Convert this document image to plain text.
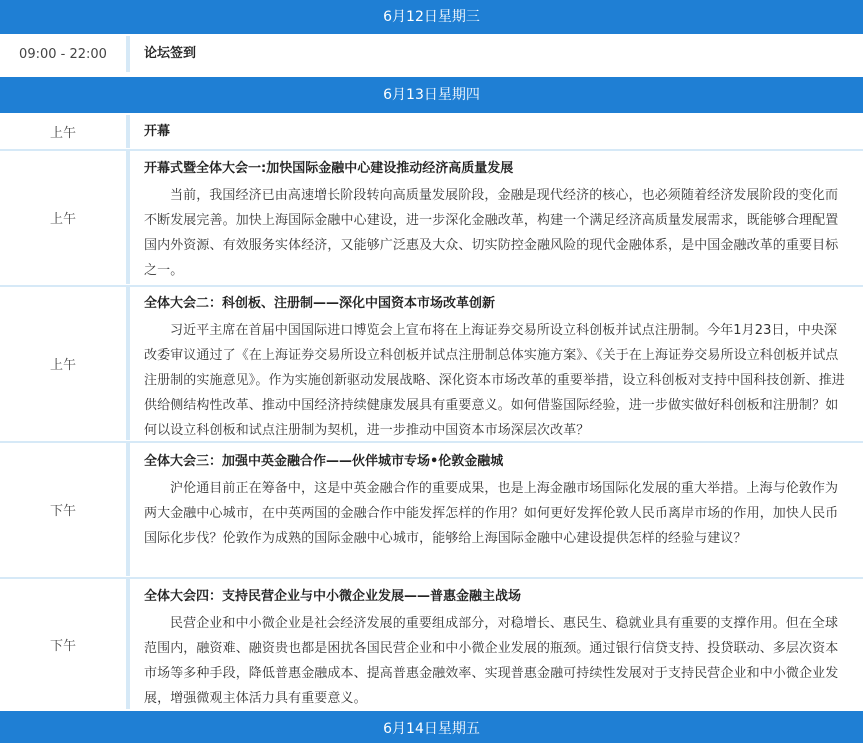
6月12日星期三
09:00 - 22:00	论坛签到
6月13日星期四
上午	开幕
上午
开幕式暨全体大会一:加快国际金融中心建设推动经济高质量发展

当前，我国经济已由高速增长阶段转向高质量发展阶段，金融是现代经济的核心，也必须随着经济发展阶段的变化而不断发展完善。加快上海国际金融中心建设，进一步深化金融改革，构建一个满足经济高质量发展需求，既能够合理配置国内外资源、有效服务实体经济，又能够广泛惠及大众、切实防控金融风险的现代金融体系，是中国金融改革的重要目标之一。

上午
全体大会二：科创板、注册制——深化中国资本市场改革创新

习近平主席在首届中国国际进口博览会上宣布将在上海证券交易所设立科创板并试点注册制。今年1月23日，中央深改委审议通过了《在上海证券交易所设立科创板并试点注册制总体实施方案》、《关于在上海证券交易所设立科创板并试点注册制的实施意见》。作为实施创新驱动发展战略、深化资本市场改革的重要举措，设立科创板对支持中国科技创新、推进供给侧结构性改革、推动中国经济持续健康发展具有重要意义。如何借鉴国际经验，进一步做实做好科创板和注册制？如何以设立科创板和试点注册制为契机，进一步推动中国资本市场深层次改革？

下午
全体大会三：加强中英金融合作——伙伴城市专场•伦敦金融城

沪伦通目前正在筹备中，这是中英金融合作的重要成果，也是上海金融市场国际化发展的重大举措。上海与伦敦作为两大金融中心城市，在中英两国的金融合作中能发挥怎样的作用？如何更好发挥伦敦人民币离岸市场的作用，加快人民币国际化步伐？伦敦作为成熟的国际金融中心城市，能够给上海国际金融中心建设提供怎样的经验与建议？

下午
全体大会四：支持民营企业与中小微企业发展——普惠金融主战场

民营企业和中小微企业是社会经济发展的重要组成部分，对稳增长、惠民生、稳就业具有重要的支撑作用。但在全球范围内，融资难、融资贵也都是困扰各国民营企业和中小微企业发展的瓶颈。通过银行信贷支持、投贷联动、多层次资本市场等多种手段，降低普惠金融成本、提高普惠金融效率、实现普惠金融可持续性发展对于支持民营企业和中小微企业发展，增强微观主体活力具有重要意义。

6月14日星期五
